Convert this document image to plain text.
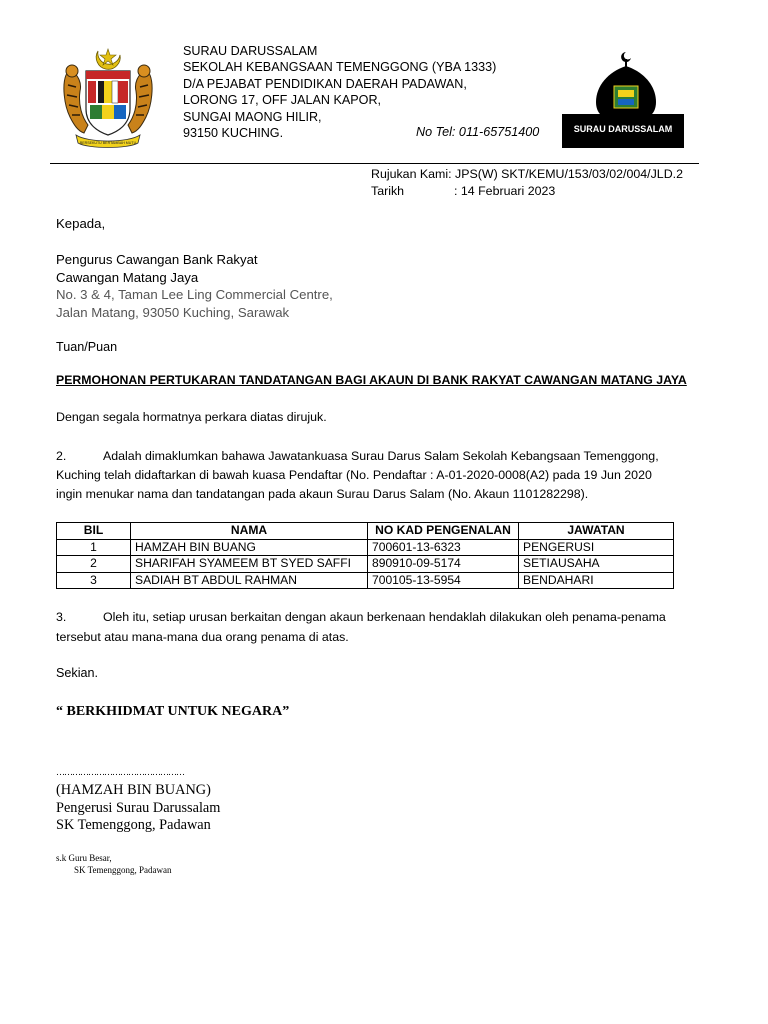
BERSEKUTU BERTAMBAH MUTU
SURAU DARUSSALAM
SEKOLAH KEBANGSAAN TEMENGGONG (YBA 1333)
D/A PEJABAT PENDIDIKAN DAERAH PADAWAN,
LORONG 17, OFF JALAN KAPOR,
SUNGAI MAONG HILIR,
93150 KUCHING.	No Tel: 011-65751400	SURAU DARUSSALAM
Rujukan Kami: JPS(W) SKT/KEMU/153/03/02/004/JLD.2
Tarikh	: 14 Februari 2023
Kepada,
Pengurus Cawangan Bank Rakyat
Cawangan Matang Jaya
No. 3 & 4, Taman Lee Ling Commercial Centre,
Jalan Matang, 93050 Kuching, Sarawak
Tuan/Puan
PERMOHONAN PERTUKARAN TANDATANGAN BAGI AKAUN DI BANK RAKYAT CAWANGAN MATANG JAYA
Dengan segala hormatnya perkara diatas dirujuk.
2.	Adalah dimaklumkan bahawa Jawatankuasa Surau Darus Salam Sekolah Kebangsaan Temenggong,
Kuching telah didaftarkan di bawah kuasa Pendaftar (No. Pendaftar : A-01-2020-0008(A2) pada 19 Jun 2020
ingin menukar nama dan tandatangan pada akaun Surau Darus Salam (No. Akaun 1101282298).
BIL	NAMA	NO KAD PENGENALAN	JAWATAN
1	HAMZAH BIN BUANG	700601-13-6323	PENGERUSI
2	SHARIFAH SYAMEEM BT SYED SAFFI	890910-09-5174	SETIAUSAHA
3	SADIAH BT ABDUL RAHMAN	700105-13-5954	BENDAHARI
3.	Oleh itu, setiap urusan berkaitan dengan akaun berkenaan hendaklah dilakukan oleh penama-penama
tersebut atau mana-mana dua orang penama di atas.
Sekian.
“ BERKHIDMAT UNTUK NEGARA”
…………………………………………
(HAMZAH BIN BUANG)
Pengerusi Surau Darussalam
SK Temenggong, Padawan
s.k Guru Besar,
SK Temenggong, Padawan
